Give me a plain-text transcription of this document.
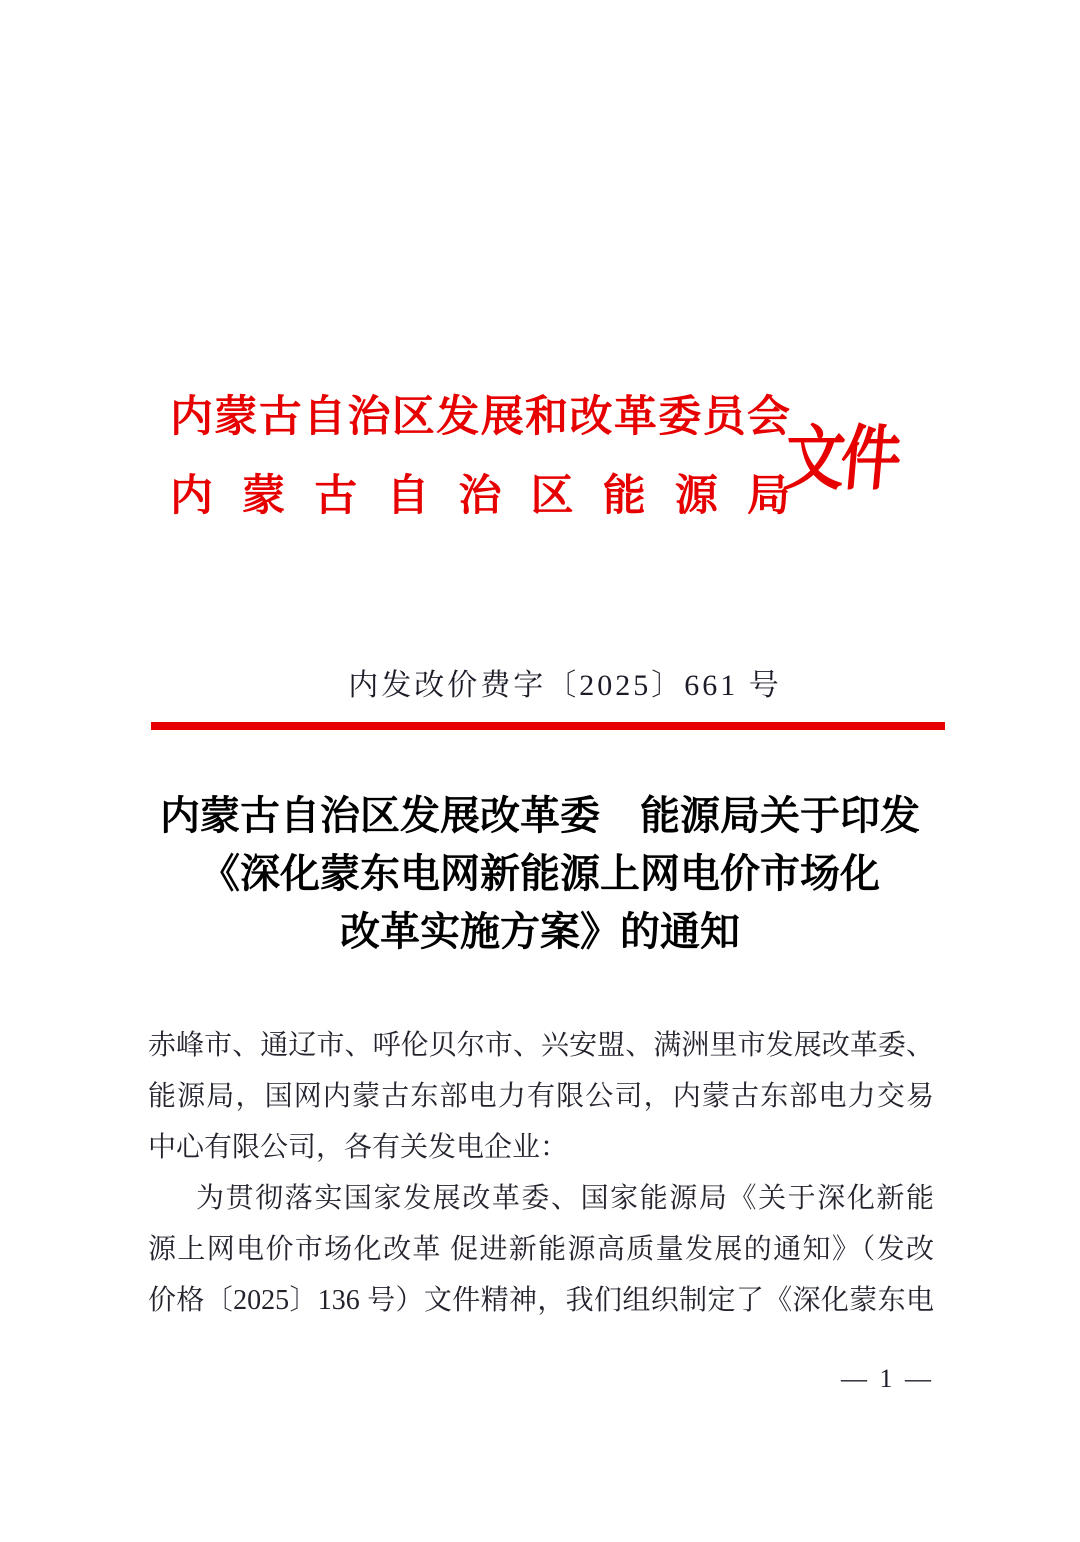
内蒙古自治区发展和改革委员会
内蒙古自治区能源局
文件
内发改价费字〔2025〕661 号
内蒙古自治区发展改革委　能源局关于印发
《深化蒙东电网新能源上网电价市场化
改革实施方案》的通知
赤峰市、通辽市、呼伦贝尔市、兴安盟、满洲里市发展改革委、
能源局，国网内蒙古东部电力有限公司，内蒙古东部电力交易
中心有限公司，各有关发电企业：
为贯彻落实国家发展改革委、国家能源局《关于深化新能
源上网电价市场化改革 促进新能源高质量发展的通知》（发改
价格〔2025〕136 号）文件精神，我们组织制定了《深化蒙东电
— 1 —
